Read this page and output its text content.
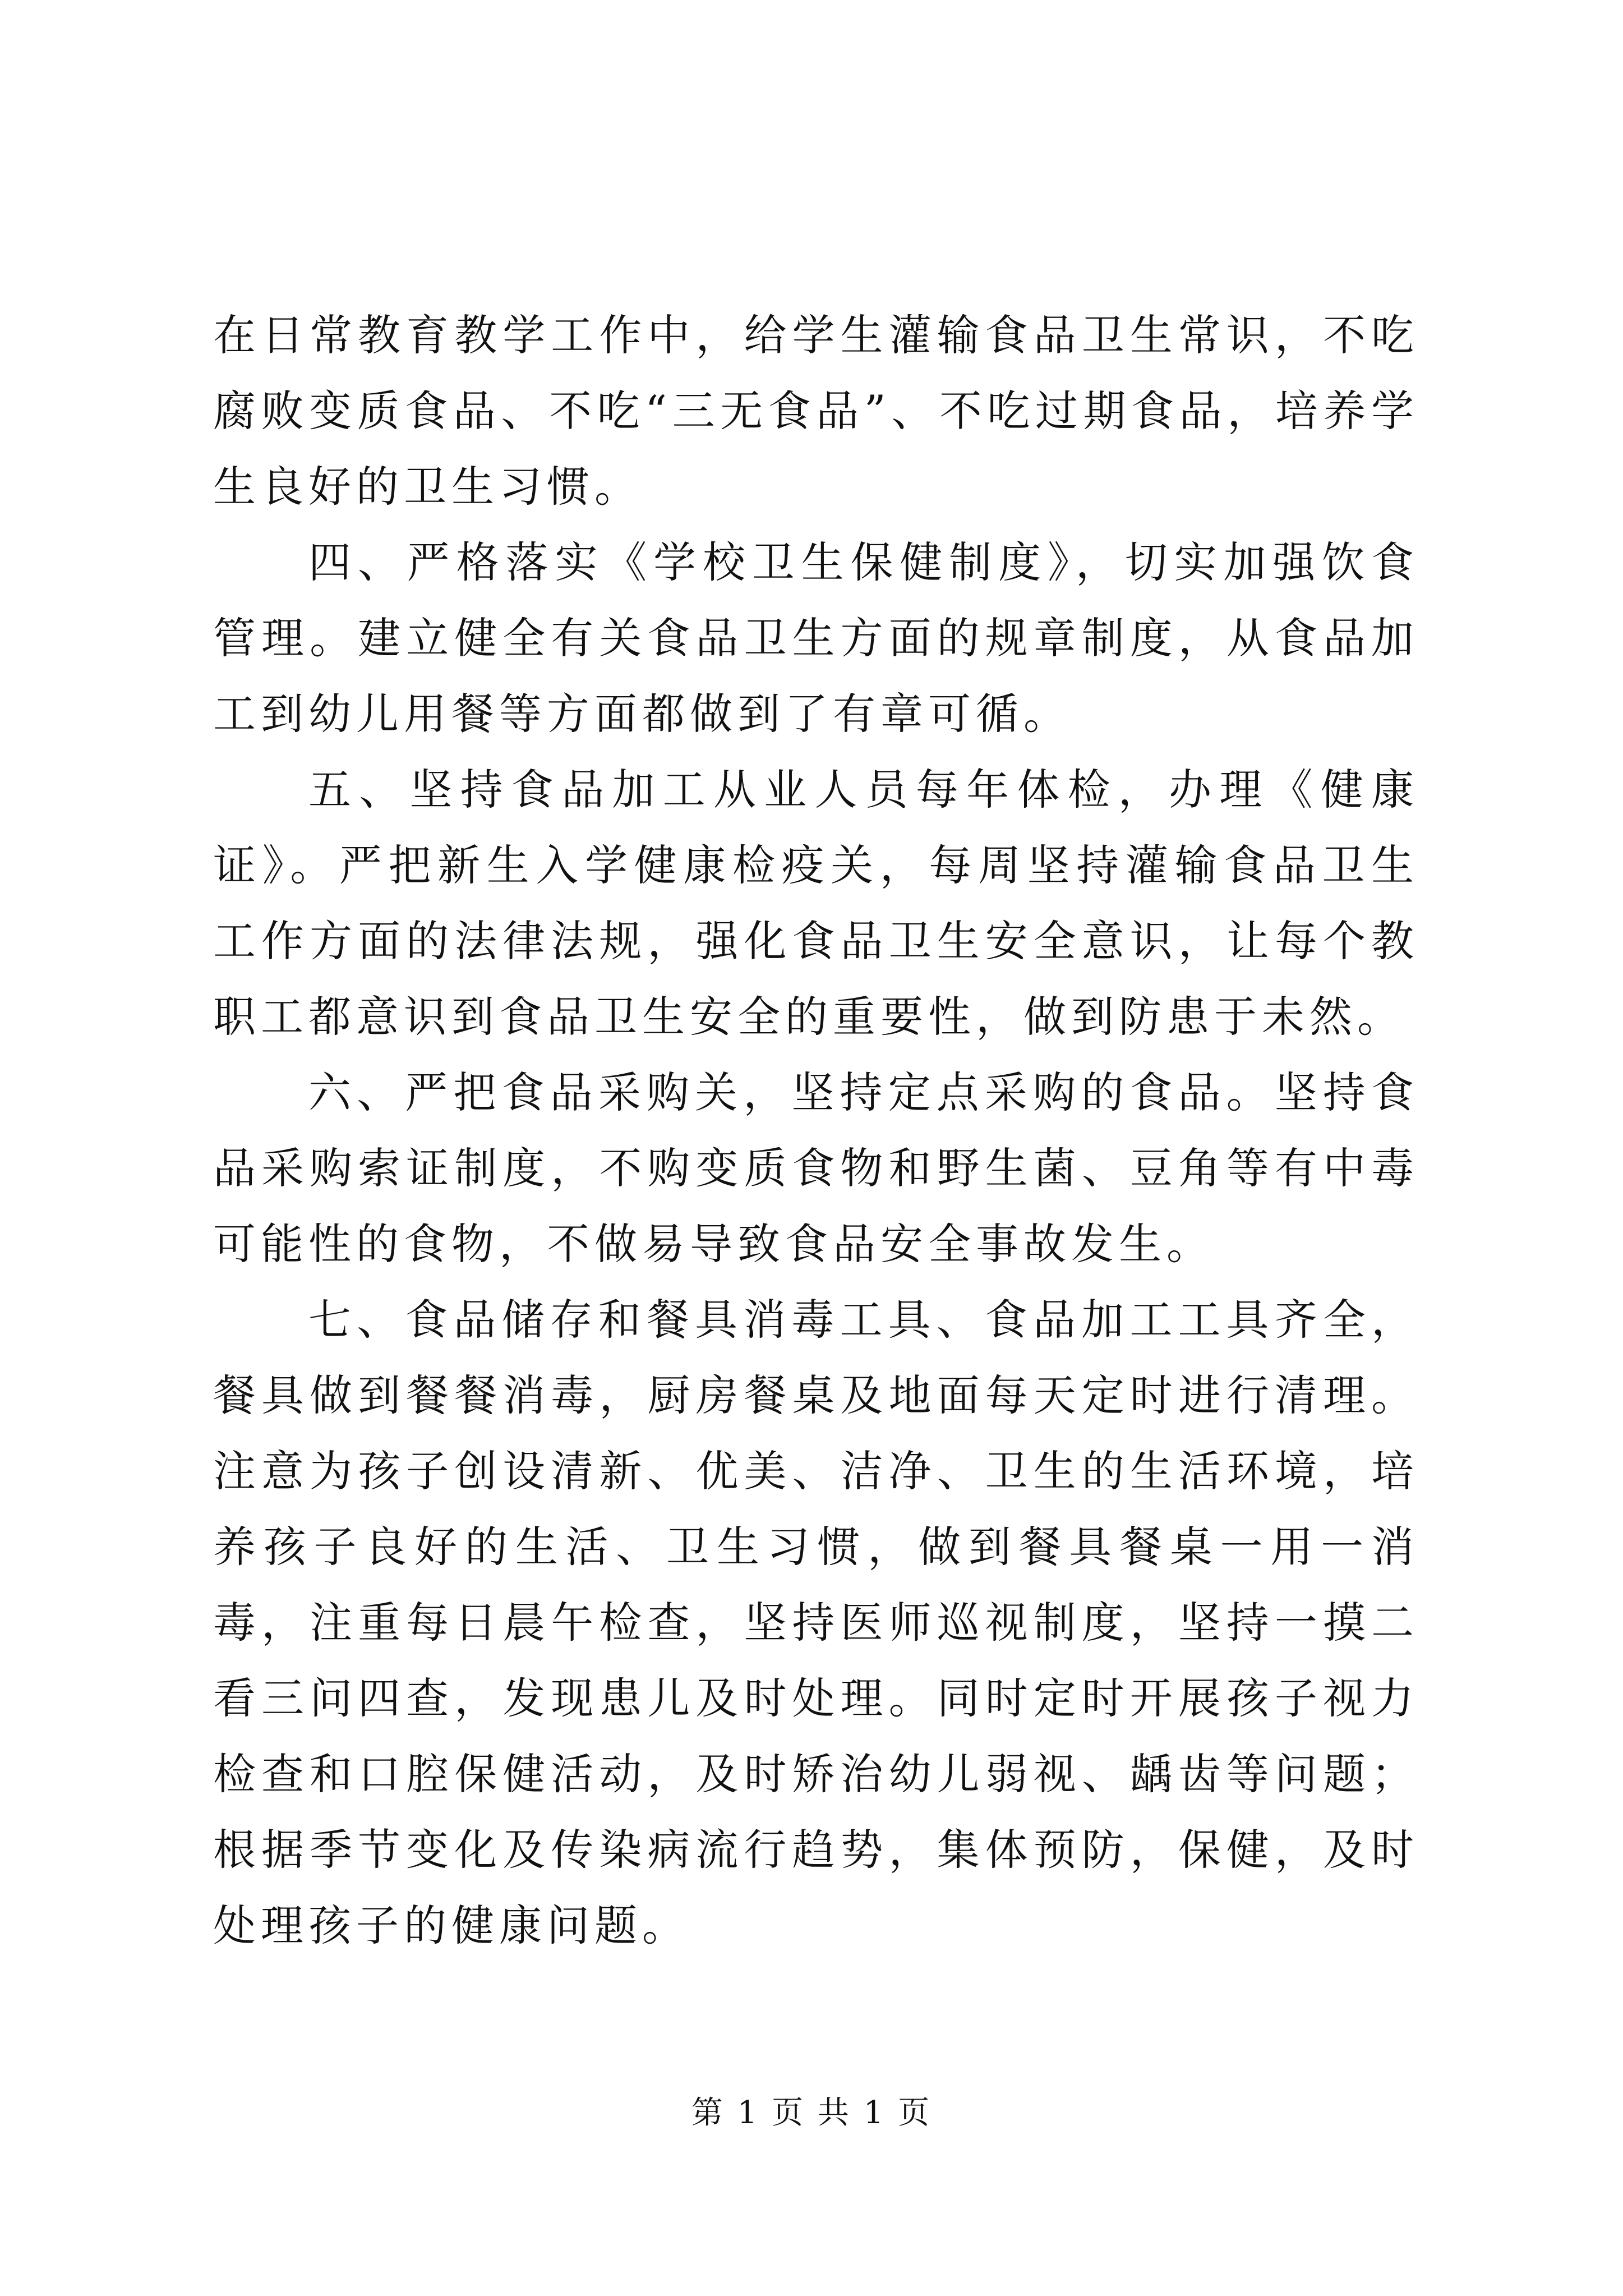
在日常教育教学工作中，给学生灌输食品卫生常识，不吃腐败变质食品、不吃“三无食品”、不吃过期食品，培养学生良好的卫生习惯。

四、严格落实《学校卫生保健制度》，切实加强饮食管理。建立健全有关食品卫生方面的规章制度，从食品加工到幼儿用餐等方面都做到了有章可循。

五、坚持食品加工从业人员每年体检，办理《健康证》。严把新生入学健康检疫关，每周坚持灌输食品卫生工作方面的法律法规，强化食品卫生安全意识，让每个教职工都意识到食品卫生安全的重要性，做到防患于未然。

六、严把食品采购关，坚持定点采购的食品。坚持食品采购索证制度，不购变质食物和野生菌、豆角等有中毒可能性的食物，不做易导致食品安全事故发生。

七、食品储存和餐具消毒工具、食品加工工具齐全，餐具做到餐餐消毒，厨房餐桌及地面每天定时进行清理。注意为孩子创设清新、优美、洁净、卫生的生活环境，培养孩子良好的生活、卫生习惯，做到餐具餐桌一用一消毒，注重每日晨午检查，坚持医师巡视制度，坚持一摸二看三问四查，发现患儿及时处理。同时定时开展孩子视力检查和口腔保健活动，及时矫治幼儿弱视、龋齿等问题；根据季节变化及传染病流行趋势，集体预防，保健，及时处理孩子的健康问题。

第 1 页 共 1 页
